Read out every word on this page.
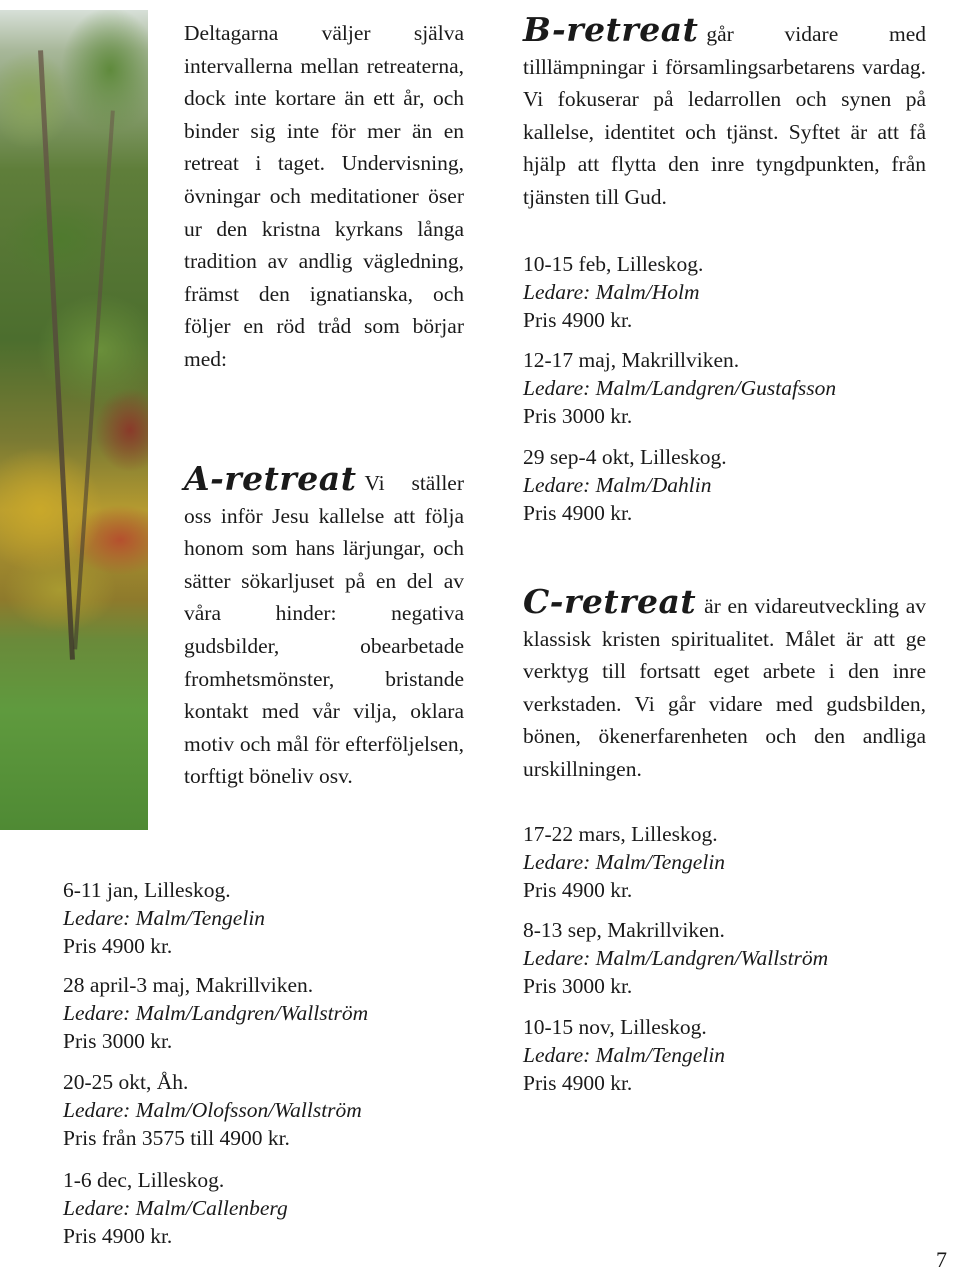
Deltagarna väljer själva intervallerna mellan retreaterna, dock inte kortare än ett år, och binder sig inte för mer än en retreat i taget. Undervisning, övningar och meditationer öser ur den kristna kyrkans långa tradition av andlig vägledning, främst den ignatianska, och följer en röd tråd som börjar med:

A-retreat Vi ställer oss inför Jesu kallelse att följa honom som hans lärjungar, och sätter sökarljuset på en del av våra hinder: negativa gudsbilder, obearbetade fromhetsmönster, bristande kontakt med vår vilja, oklara motiv och mål för efterföljelsen, torftigt böneliv osv.

6-11 jan, Lilleskog.
Ledare: Malm/Tengelin
Pris 4900 kr.
28 april-3 maj, Makrillviken.
Ledare: Malm/Landgren/Wallström
Pris 3000 kr.
20-25 okt, Åh.
Ledare: Malm/Olofsson/Wallström
Pris från 3575 till 4900 kr.
1-6 dec, Lilleskog.
Ledare: Malm/Callenberg
Pris 4900 kr.

B-retreat går vidare med tilllämpningar i församlingsarbetarens vardag. Vi fokuserar på ledarrollen och synen på kallelse, identitet och tjänst. Syftet är att få hjälp att flytta den inre tyngdpunkten, från tjänsten till Gud.

10-15 feb, Lilleskog.
Ledare: Malm/Holm
Pris 4900 kr.
12-17 maj, Makrillviken.
Ledare: Malm/Landgren/Gustafsson
Pris 3000 kr.
29 sep-4 okt, Lilleskog.
Ledare: Malm/Dahlin
Pris 4900 kr.

C-retreat är en vidareutveckling av klassisk kristen spiritualitet. Målet är att ge verktyg till fortsatt eget arbete i den inre verkstaden. Vi går vidare med gudsbilden, bönen, ökenerfarenheten och den andliga urskillningen.

17-22 mars, Lilleskog.
Ledare: Malm/Tengelin
Pris 4900 kr.
8-13 sep, Makrillviken.
Ledare: Malm/Landgren/Wallström
Pris 3000 kr.
10-15 nov, Lilleskog.
Ledare: Malm/Tengelin
Pris 4900 kr.
7
